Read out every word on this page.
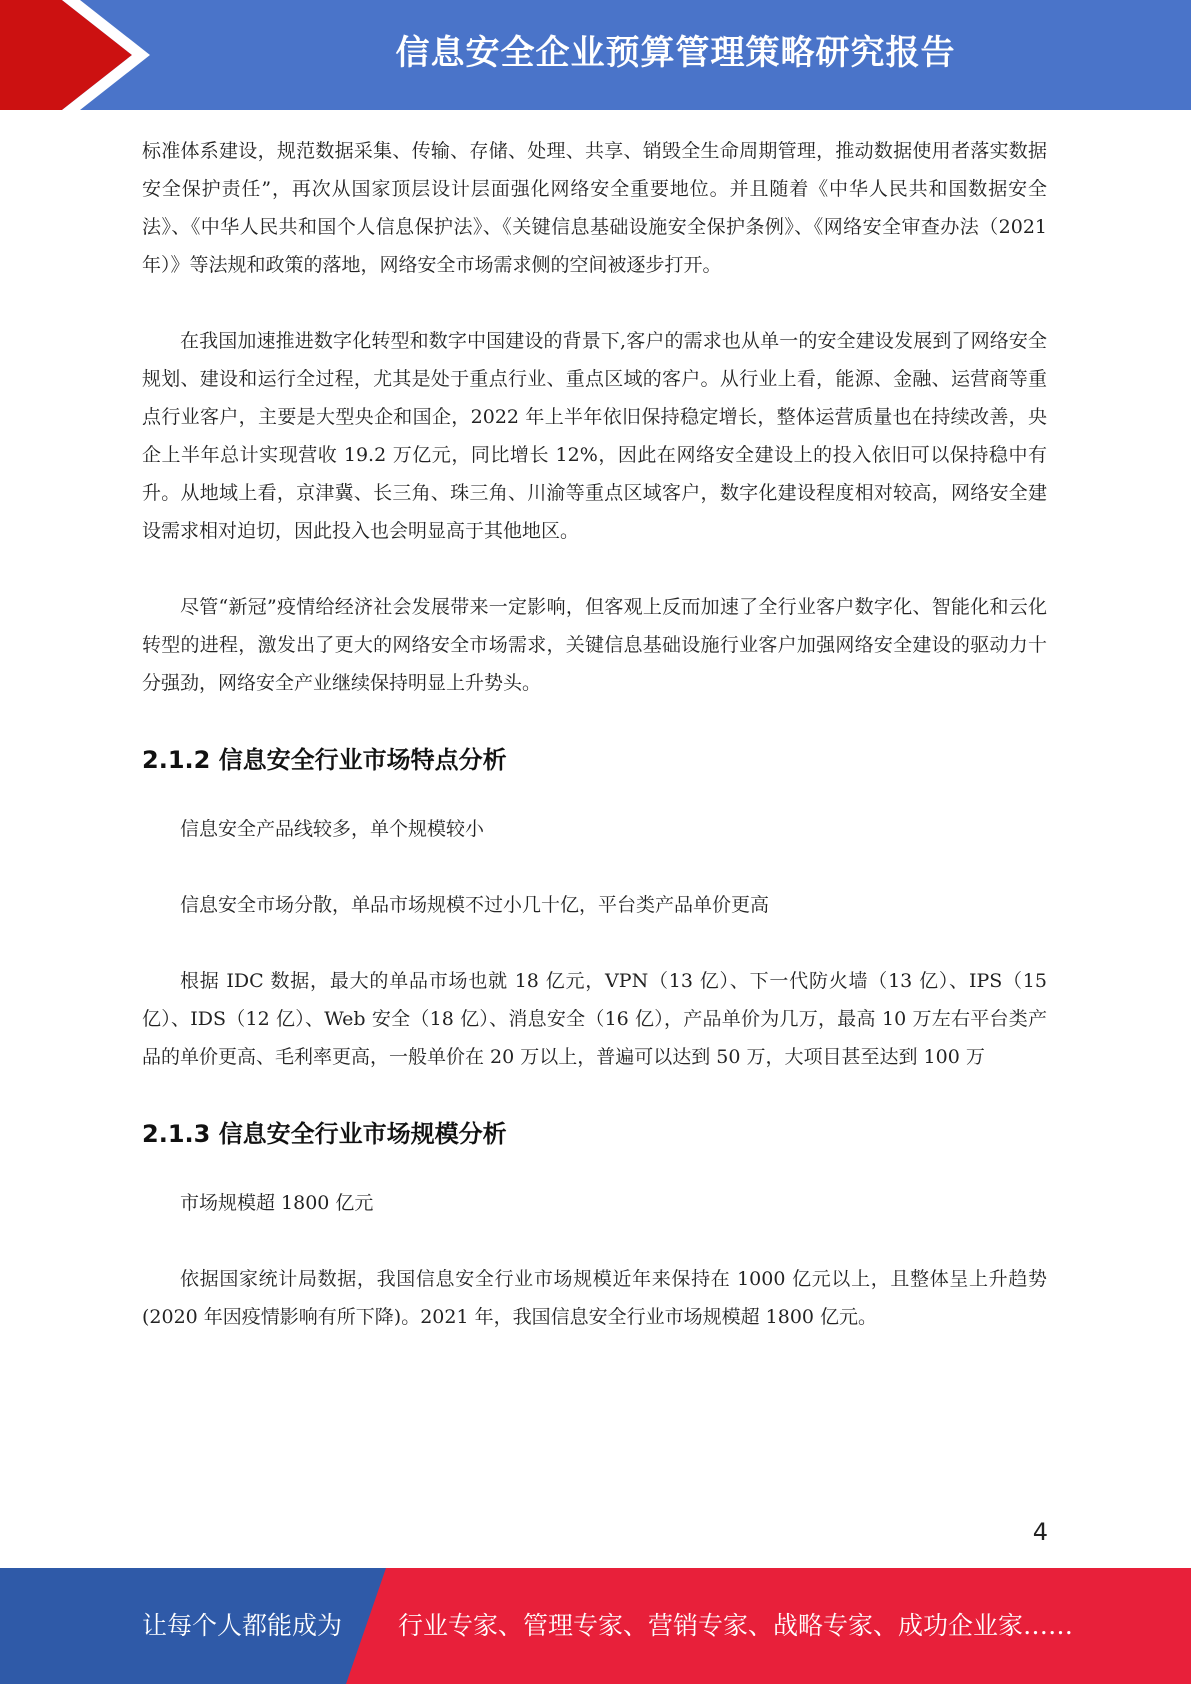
信息安全企业预算管理策略研究报告

标准体系建设，规范数据采集、传输、存储、处理、共享、销毁全生命周期管理，推动数据使用者落实数据安全保护责任”，再次从国家顶层设计层面强化网络安全重要地位。并且随着《中华人民共和国数据安全法》、《中华人民共和国个人信息保护法》、《关键信息基础设施安全保护条例》、《网络安全审查办法（2021 年）》等法规和政策的落地，网络安全市场需求侧的空间被逐步打开。

在我国加速推进数字化转型和数字中国建设的背景下,客户的需求也从单一的安全建设发展到了网络安全规划、建设和运行全过程，尤其是处于重点行业、重点区域的客户。从行业上看，能源、金融、运营商等重点行业客户，主要是大型央企和国企，2022 年上半年依旧保持稳定增长，整体运营质量也在持续改善，央企上半年总计实现营收 19.2 万亿元，同比增长 12%，因此在网络安全建设上的投入依旧可以保持稳中有升。从地域上看，京津冀、长三角、珠三角、川渝等重点区域客户，数字化建设程度相对较高，网络安全建设需求相对迫切，因此投入也会明显高于其他地区。

尽管“新冠”疫情给经济社会发展带来一定影响，但客观上反而加速了全行业客户数字化、智能化和云化转型的进程，激发出了更大的网络安全市场需求，关键信息基础设施行业客户加强网络安全建设的驱动力十分强劲，网络安全产业继续保持明显上升势头。

2.1.2 信息安全行业市场特点分析

信息安全产品线较多，单个规模较小

信息安全市场分散，单品市场规模不过小几十亿，平台类产品单价更高

根据 IDC 数据，最大的单品市场也就 18 亿元，VPN（13 亿）、下一代防火墙（13 亿）、IPS（15 亿）、IDS（12 亿）、Web 安全（18 亿）、消息安全（16 亿），产品单价为几万，最高 10 万左右平台类产品的单价更高、毛利率更高，一般单价在 20 万以上，普遍可以达到 50 万，大项目甚至达到 100 万

2.1.3 信息安全行业市场规模分析

市场规模超 1800 亿元

依据国家统计局数据，我国信息安全行业市场规模近年来保持在 1000 亿元以上，且整体呈上升趋势(2020 年因疫情影响有所下降)。2021 年，我国信息安全行业市场规模超 1800 亿元。

4
让每个人都能成为 行业专家、管理专家、营销专家、战略专家、成功企业家……
